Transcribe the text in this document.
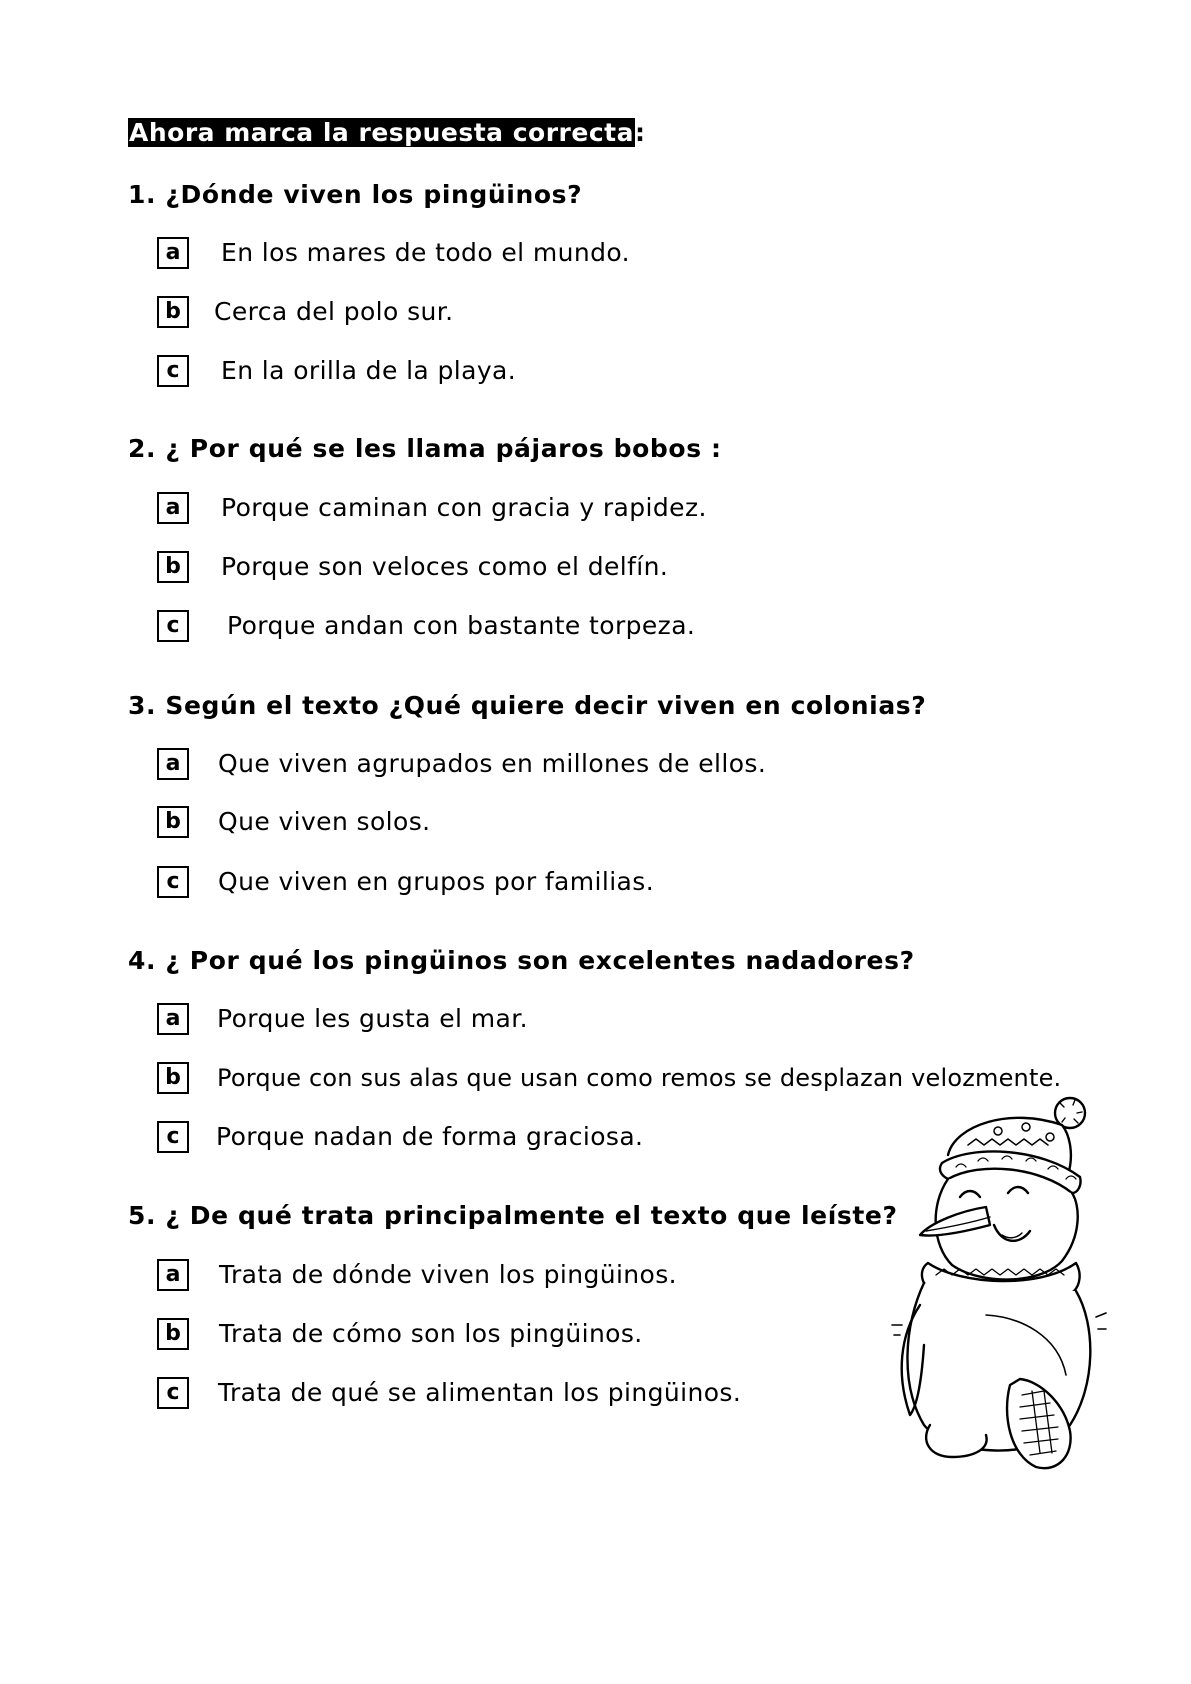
Ahora marca la respuesta correcta:
1. ¿Dónde viven los pingüinos?
a	En los mares de todo el mundo.
b	Cerca del polo sur.
c	En la orilla de la playa.
2. ¿ Por qué se les llama pájaros bobos :
a	Porque caminan con gracia y rapidez.
b	Porque son veloces como el delfín.
c	Porque andan con bastante torpeza.
3. Según el texto ¿Qué quiere decir viven en colonias?
a	Que viven agrupados en millones de ellos.
b	Que viven solos.
c	Que viven en grupos por familias.
4. ¿ Por qué los pingüinos son excelentes nadadores?
a	Porque les gusta el mar.
b	Porque con sus alas que usan como remos se desplazan velozmente.
c	Porque nadan de forma graciosa.
5. ¿ De qué trata principalmente el texto que leíste?
a	Trata de dónde viven los pingüinos.
b	Trata de cómo son los pingüinos.
c	Trata de qué se alimentan los pingüinos.
